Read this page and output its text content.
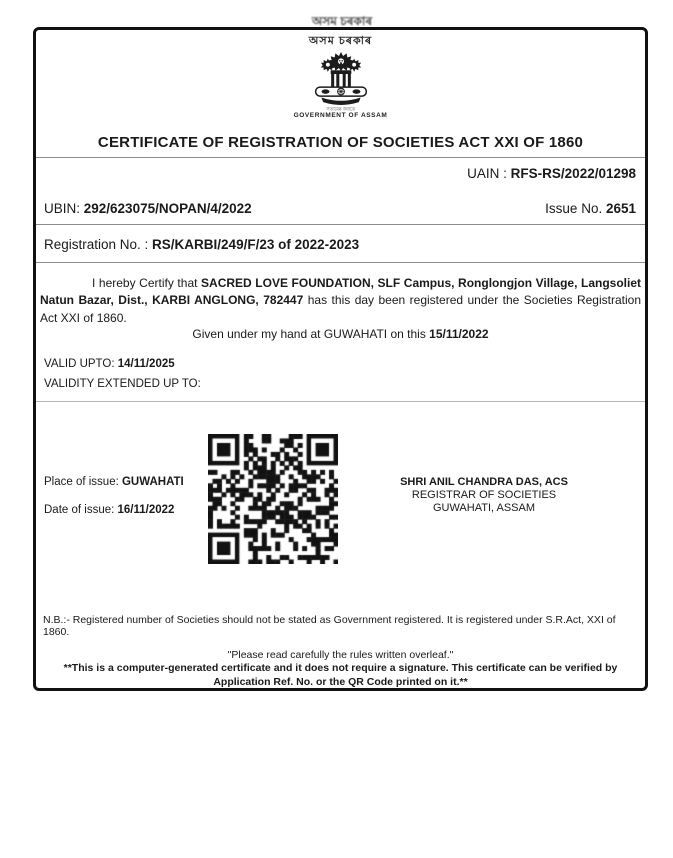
অসম চৰকাৰ
অসম চৰকাৰ
সত্যমেৱ জয়তে
GOVERNMENT OF ASSAM
CERTIFICATE OF REGISTRATION OF SOCIETIES ACT XXI OF 1860
UAIN : RFS-RS/2022/01298
UBIN: 292/623075/NOPAN/4/2022	Issue No. 2651
Registration No. : RS/KARBI/249/F/23 of 2022-2023

I hereby Certify that SACRED LOVE FOUNDATION, SLF Campus, Ronglongjon Village, Langsoliet Natun Bazar, Dist., KARBI ANGLONG, 782447 has this day been registered under the Societies Registration Act XXI of 1860.

Given under my hand at GUWAHATI on this 15/11/2022

VALID UPTO: 14/11/2025
VALIDITY EXTENDED UP TO:
Place of issue: GUWAHATI
Date of issue: 16/11/2022
SHRI ANIL CHANDRA DAS, ACS
REGISTRAR OF SOCIETIES
GUWAHATI, ASSAM
N.B.:- Registered number of Societies should not be stated as Government registered. It is registered under S.R.Act, XXI of 1860.
"Please read carefully the rules written overleaf."
**This is a computer-generated certificate and it does not require a signature. This certificate can be verified by Application Ref. No. or the QR Code printed on it.**
